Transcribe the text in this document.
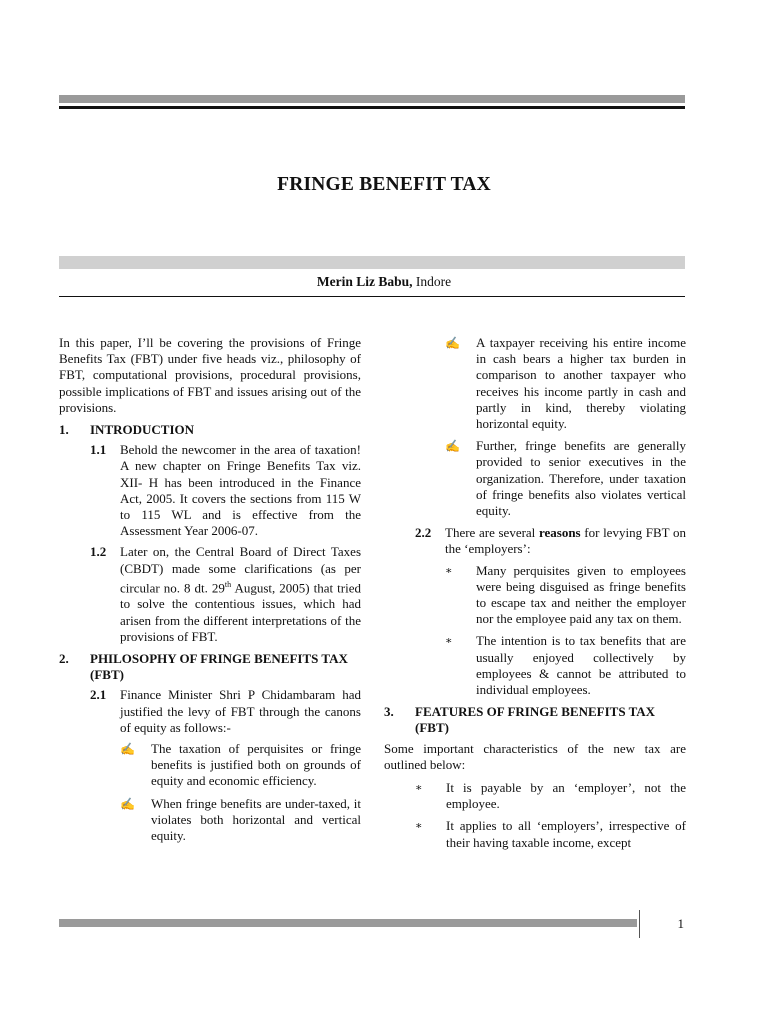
FRINGE BENEFIT TAX
Merin Liz Babu, Indore

In this paper, I’ll be covering the provisions of Fringe Benefits Tax (FBT) under five heads viz., philosophy of FBT, computational provisions, procedural provisions, possible implications of FBT and issues arising out of the provisions.

1.	INTRODUCTION
1.1	Behold the newcomer in the area of taxation! A new chapter on Fringe Benefits Tax viz. XII- H has been introduced in the Finance Act, 2005. It covers the sections from 115 W to 115 WL and is effective from the Assessment Year 2006-07.
1.2	Later on, the Central Board of Direct Taxes (CBDT) made some clarifications (as per circular no. 8 dt. 29th August, 2005) that tried to solve the contentious issues, which had arisen from the different interpretations of the provisions of FBT.
2.	PHILOSOPHY OF FRINGE BENEFITS TAX (FBT)
2.1	Finance Minister Shri P Chidambaram had justified the levy of FBT through the canons of equity as follows:-
✍	The taxation of perquisites or fringe benefits is justified both on grounds of equity and economic efficiency.
✍	When fringe benefits are under-taxed, it violates both horizontal and vertical equity.
✍	A taxpayer receiving his entire income in cash bears a higher tax burden in comparison to another taxpayer who receives his income partly in cash and partly in kind, thereby violating horizontal equity.
✍	Further, fringe benefits are generally provided to senior executives in the organization. Therefore, under taxation of fringe benefits also violates vertical equity.
2.2	There are several reasons for levying FBT on the ‘employers’:
∗	Many perquisites given to employees were being disguised as fringe benefits to escape tax and neither the employer nor the employee paid any tax on them.
∗	The intention is to tax benefits that are usually enjoyed collectively by employees & cannot be attributed to individual employees.
3.	FEATURES OF FRINGE BENEFITS TAX (FBT)

Some important characteristics of the new tax are outlined below:

∗	It is payable by an ‘employer’, not the employee.
∗	It applies to all ‘employers’, irrespective of their having taxable income, except
1
